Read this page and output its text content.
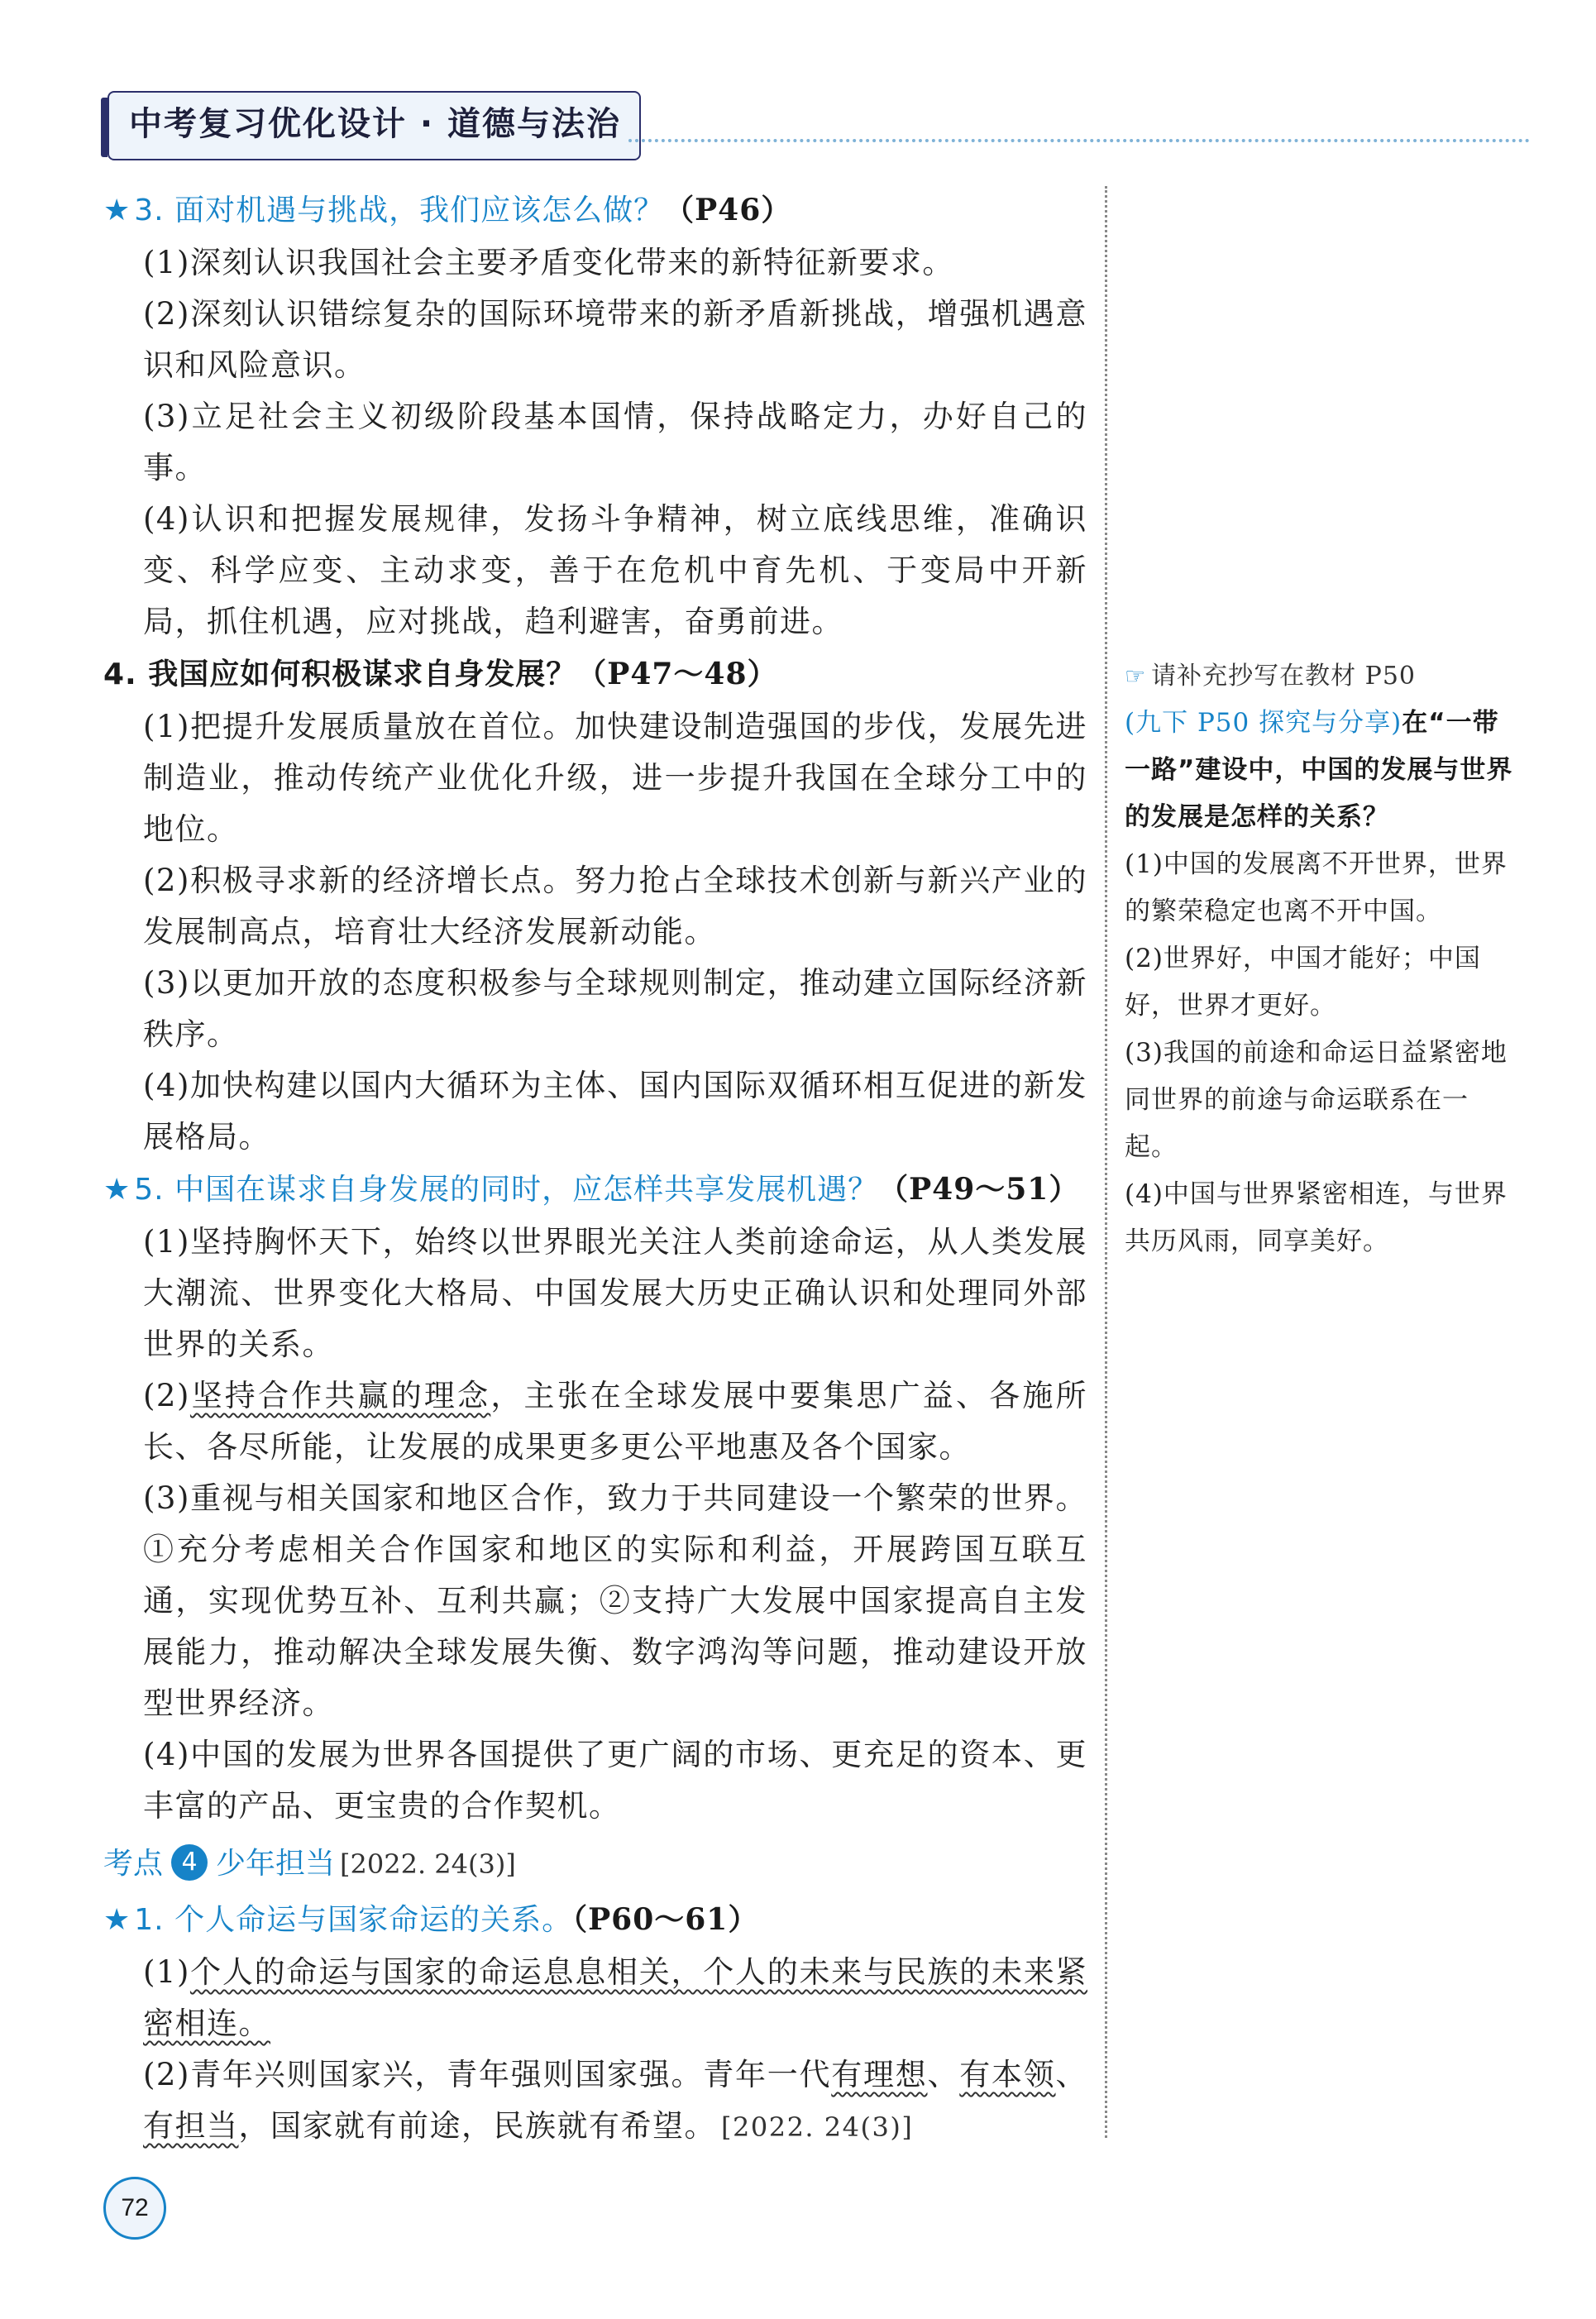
中考复习优化设计 · 道德与法治

★ 3. 面对机遇与挑战，我们应该怎么做？（P46）

(1)深刻认识我国社会主要矛盾变化带来的新特征新要求。

(2)深刻认识错综复杂的国际环境带来的新矛盾新挑战，增强机遇意识和风险意识。

(3)立足社会主义初级阶段基本国情，保持战略定力，办好自己的事。

(4)认识和把握发展规律，发扬斗争精神，树立底线思维，准确识变、科学应变、主动求变，善于在危机中育先机、于变局中开新局，抓住机遇，应对挑战，趋利避害，奋勇前进。

4. 我国应如何积极谋求自身发展？（P47～48）

(1)把提升发展质量放在首位。加快建设制造强国的步伐，发展先进制造业，推动传统产业优化升级，进一步提升我国在全球分工中的地位。

(2)积极寻求新的经济增长点。努力抢占全球技术创新与新兴产业的发展制高点，培育壮大经济发展新动能。

(3)以更加开放的态度积极参与全球规则制定，推动建立国际经济新秩序。

(4)加快构建以国内大循环为主体、国内国际双循环相互促进的新发展格局。

★ 5. 中国在谋求自身发展的同时，应怎样共享发展机遇？（P49～51）

(1)坚持胸怀天下，始终以世界眼光关注人类前途命运，从人类发展大潮流、世界变化大格局、中国发展大历史正确认识和处理同外部世界的关系。

(2)坚持合作共赢的理念，主张在全球发展中要集思广益、各施所长、各尽所能，让发展的成果更多更公平地惠及各个国家。

(3)重视与相关国家和地区合作，致力于共同建设一个繁荣的世界。①充分考虑相关合作国家和地区的实际和利益，开展跨国互联互通，实现优势互补、互利共赢；②支持广大发展中国家提高自主发展能力，推动解决全球发展失衡、数字鸿沟等问题，推动建设开放型世界经济。

(4)中国的发展为世界各国提供了更广阔的市场、更充足的资本、更丰富的产品、更宝贵的合作契机。

考点 4 少年担当 [2022. 24(3)]

★ 1. 个人命运与国家命运的关系。（P60～61）

(1)个人的命运与国家的命运息息相关，个人的未来与民族的未来紧密相连。

(2)青年兴则国家兴，青年强则国家强。青年一代有理想、有本领、有担当，国家就有前途，民族就有希望。 [2022. 24(3)]

☞ 请补充抄写在教材 P50

(九下 P50 探究与分享)在“一带一路”建设中，中国的发展与世界的发展是怎样的关系？

(1)中国的发展离不开世界，世界的繁荣稳定也离不开中国。

(2)世界好，中国才能好；中国好，世界才更好。

(3)我国的前途和命运日益紧密地同世界的前途与命运联系在一起。

(4)中国与世界紧密相连，与世界共历风雨，同享美好。

72
